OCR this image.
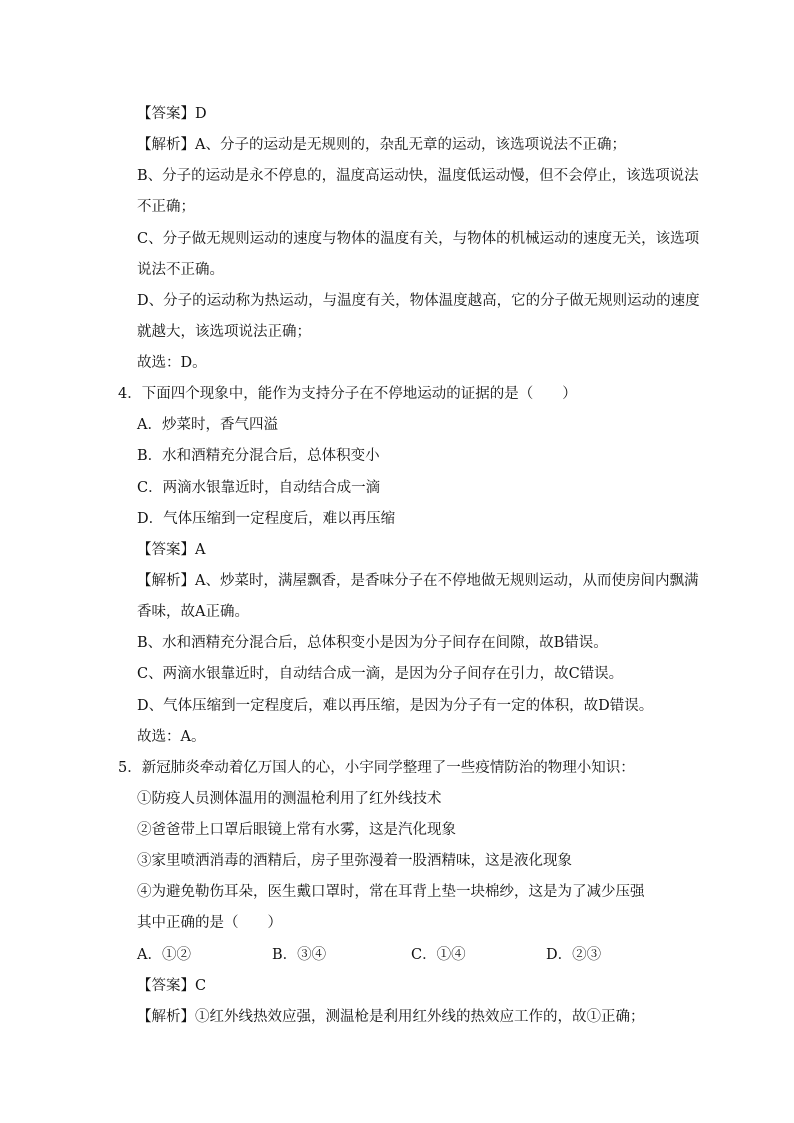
【答案】D
【解析】A、分子的运动是无规则的，杂乱无章的运动，该选项说法不正确；
B、分子的运动是永不停息的，温度高运动快，温度低运动慢，但不会停止，该选项说法
不正确；
C、分子做无规则运动的速度与物体的温度有关，与物体的机械运动的速度无关，该选项
说法不正确。
D、分子的运动称为热运动，与温度有关，物体温度越高，它的分子做无规则运动的速度
就越大，该选项说法正确；
故选：D。
4．下面四个现象中，能作为支持分子在不停地运动的证据的是（　　）
A．炒菜时，香气四溢
B．水和酒精充分混合后，总体积变小
C．两滴水银靠近时，自动结合成一滴
D．气体压缩到一定程度后，难以再压缩
【答案】A
【解析】A、炒菜时，满屋飘香，是香味分子在不停地做无规则运动，从而使房间内飘满
香味，故A正确。
B、水和酒精充分混合后，总体积变小是因为分子间存在间隙，故B错误。
C、两滴水银靠近时，自动结合成一滴，是因为分子间存在引力，故C错误。
D、气体压缩到一定程度后，难以再压缩，是因为分子有一定的体积，故D错误。
故选：A。
5．新冠肺炎牵动着亿万国人的心，小宇同学整理了一些疫情防治的物理小知识：
①防疫人员测体温用的测温枪利用了红外线技术
②爸爸带上口罩后眼镜上常有水雾，这是汽化现象
③家里喷洒消毒的酒精后，房子里弥漫着一股酒精味，这是液化现象
④为避免勒伤耳朵，医生戴口罩时，常在耳背上垫一块棉纱，这是为了减少压强
其中正确的是（　　）
A．①②	B．③④	C．①④	D．②③
【答案】C
【解析】①红外线热效应强，测温枪是利用红外线的热效应工作的，故①正确；
